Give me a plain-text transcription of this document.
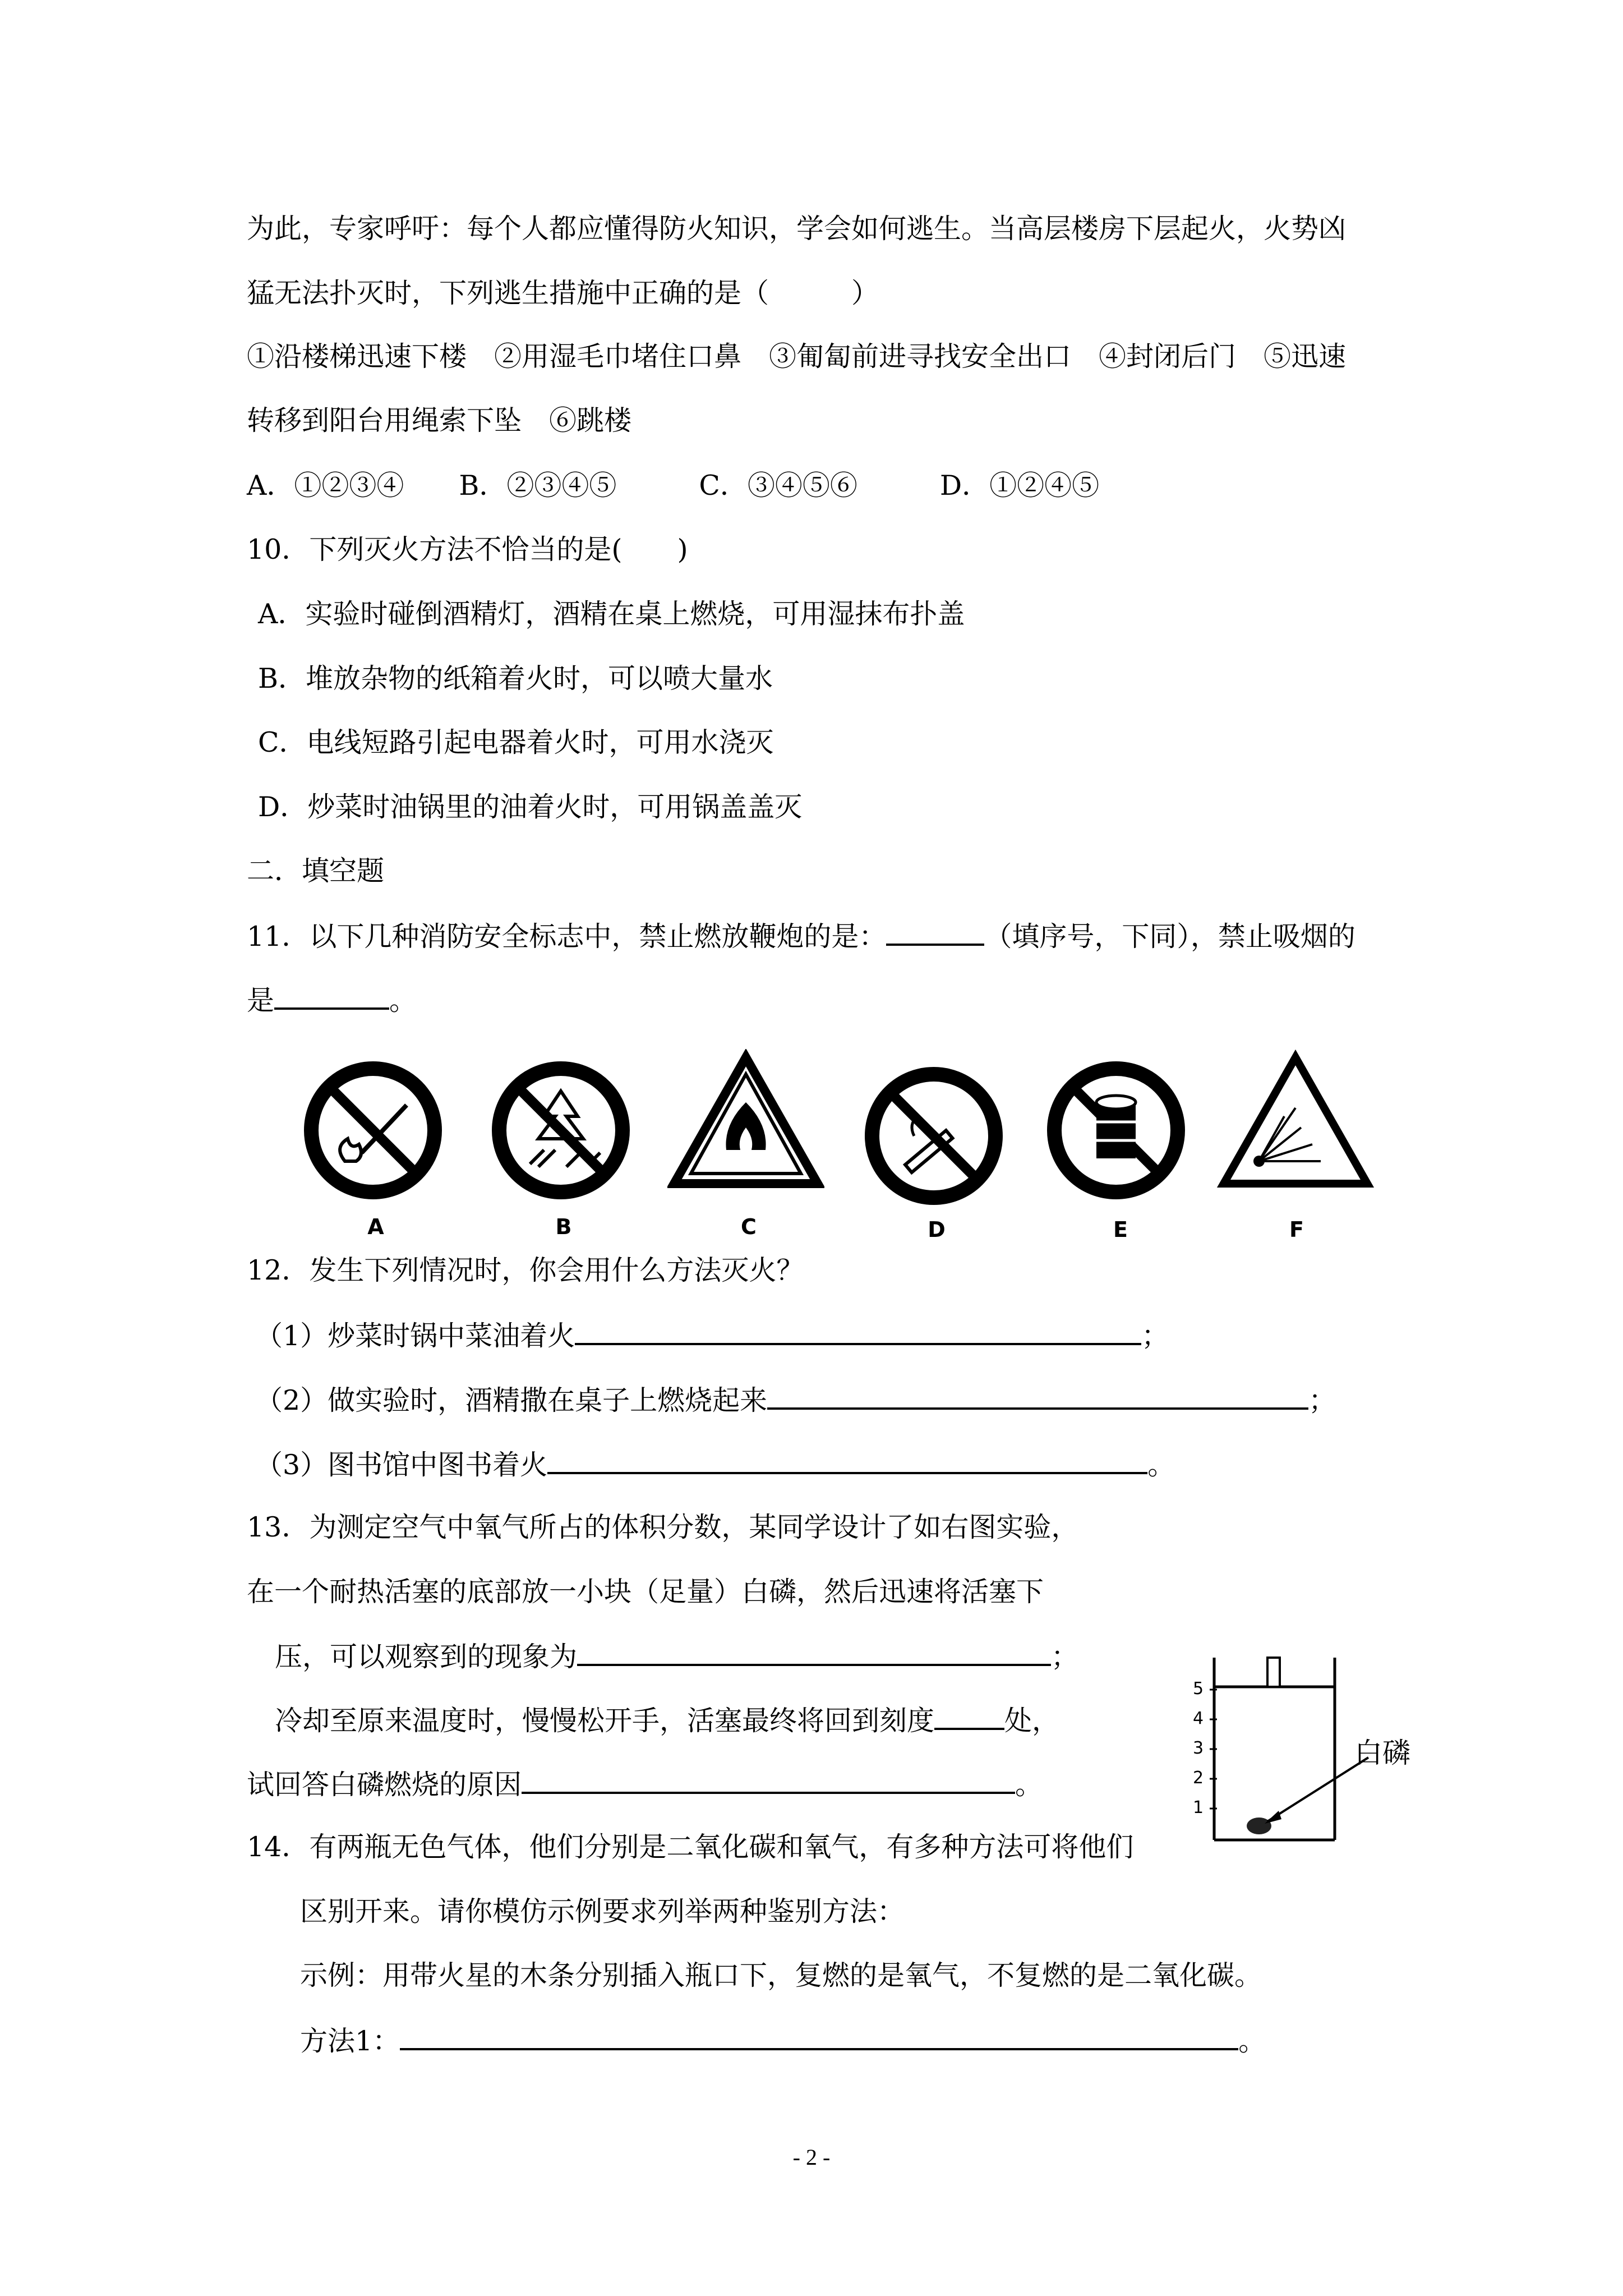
为此，专家呼吁：每个人都应懂得防火知识，学会如何逃生。当高层楼房下层起火，火势凶
猛无法扑灭时，下列逃生措施中正确的是（　　　）
①沿楼梯迅速下楼　②用湿毛巾堵住口鼻　③匍匐前进寻找安全出口　④封闭后门　⑤迅速
转移到阳台用绳索下坠　⑥跳楼
A．①②③④　　B．②③④⑤　　　C．③④⑤⑥　　　D．①②④⑤
10．下列灭火方法不恰当的是(　　)
A．实验时碰倒酒精灯，酒精在桌上燃烧，可用湿抹布扑盖
B．堆放杂物的纸箱着火时，可以喷大量水
C．电线短路引起电器着火时，可用水浇灭
D．炒菜时油锅里的油着火时，可用锅盖盖灭
二．填空题
11．以下几种消防安全标志中，禁止燃放鞭炮的是：	（填序号，下同），禁止吸烟的
是	。
A	B	C	D	E	F
12．发生下列情况时，你会用什么方法灭火？
（1）炒菜时锅中菜油着火	；
（2）做实验时，酒精撒在桌子上燃烧起来	；
（3）图书馆中图书着火	。
13．为测定空气中氧气所占的体积分数，某同学设计了如右图实验，
在一个耐热活塞的底部放一小块（足量）白磷，然后迅速将活塞下
压，可以观察到的现象为	；
冷却至原来温度时，慢慢松开手，活塞最终将回到刻度	处，
试回答白磷燃烧的原因	。
5
4
3
2
1
白磷
14．有两瓶无色气体，他们分别是二氧化碳和氧气，有多种方法可将他们
区别开来。请你模仿示例要求列举两种鉴别方法：
示例：用带火星的木条分别插入瓶口下，复燃的是氧气，不复燃的是二氧化碳。
方法1：	。
- 2 -
